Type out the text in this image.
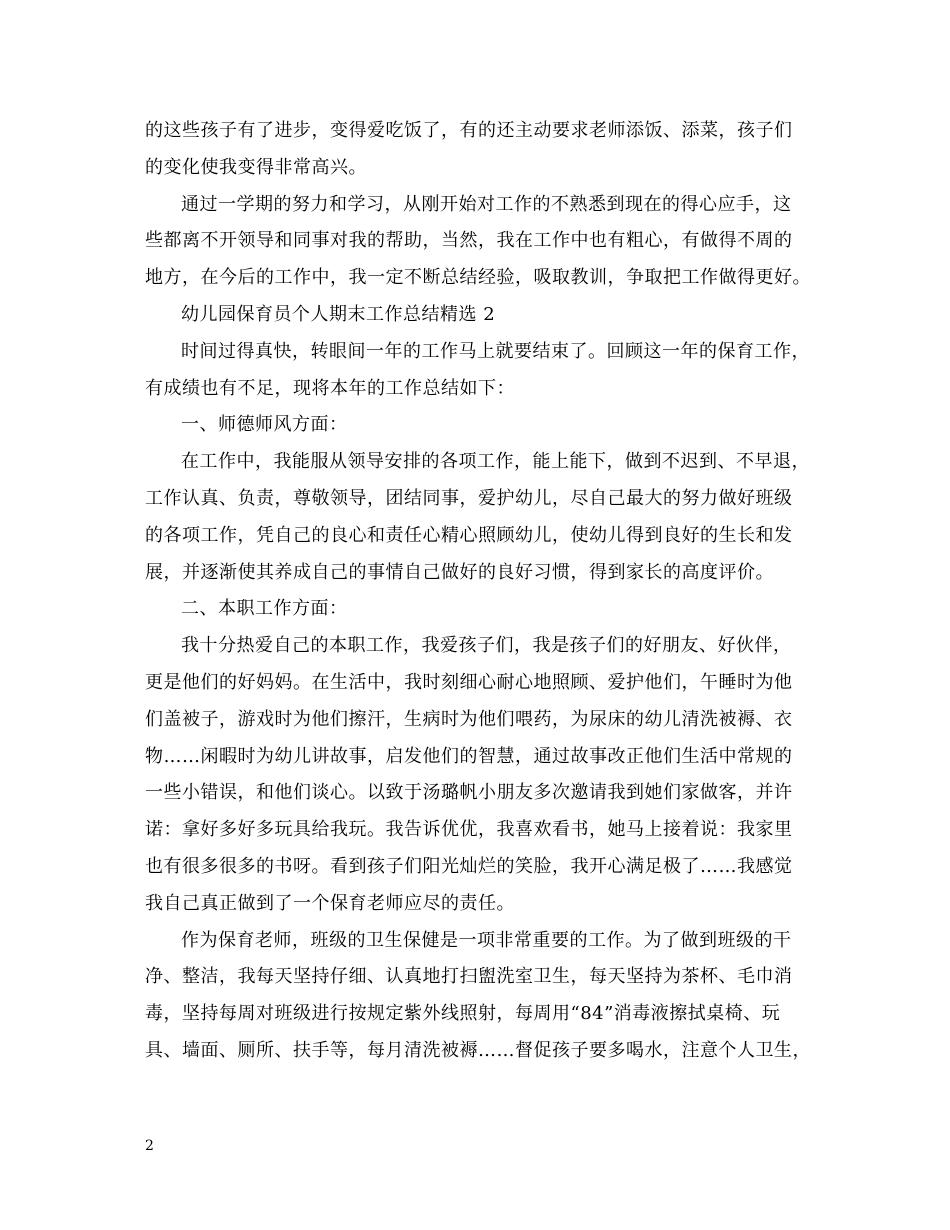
的这些孩子有了进步，变得爱吃饭了，有的还主动要求老师添饭、添菜，孩子们
的变化使我变得非常高兴。
通过一学期的努力和学习，从刚开始对工作的不熟悉到现在的得心应手，这
些都离不开领导和同事对我的帮助，当然，我在工作中也有粗心，有做得不周的
地方，在今后的工作中，我一定不断总结经验，吸取教训，争取把工作做得更好。
幼儿园保育员个人期末工作总结精选 2
时间过得真快，转眼间一年的工作马上就要结束了。回顾这一年的保育工作，
有成绩也有不足，现将本年的工作总结如下：
一、师德师风方面：
在工作中，我能服从领导安排的各项工作，能上能下，做到不迟到、不早退，
工作认真、负责，尊敬领导，团结同事，爱护幼儿，尽自己最大的努力做好班级
的各项工作，凭自己的良心和责任心精心照顾幼儿，使幼儿得到良好的生长和发
展，并逐渐使其养成自己的事情自己做好的良好习惯，得到家长的高度评价。
二、本职工作方面：
我十分热爱自己的本职工作，我爱孩子们，我是孩子们的好朋友、好伙伴，
更是他们的好妈妈。在生活中，我时刻细心耐心地照顾、爱护他们，午睡时为他
们盖被子，游戏时为他们擦汗，生病时为他们喂药，为尿床的幼儿清洗被褥、衣
物……闲暇时为幼儿讲故事，启发他们的智慧，通过故事改正他们生活中常规的
一些小错误，和他们谈心。以致于汤璐帆小朋友多次邀请我到她们家做客，并许
诺：拿好多好多玩具给我玩。我告诉优优，我喜欢看书，她马上接着说：我家里
也有很多很多的书呀。看到孩子们阳光灿烂的笑脸，我开心满足极了……我感觉
我自己真正做到了一个保育老师应尽的责任。
作为保育老师，班级的卫生保健是一项非常重要的工作。为了做到班级的干
净、整洁，我每天坚持仔细、认真地打扫盥洗室卫生，每天坚持为茶杯、毛巾消
毒，坚持每周对班级进行按规定紫外线照射，每周用“84”消毒液擦拭桌椅、玩
具、墙面、厕所、扶手等，每月清洗被褥……督促孩子要多喝水，注意个人卫生，
2
